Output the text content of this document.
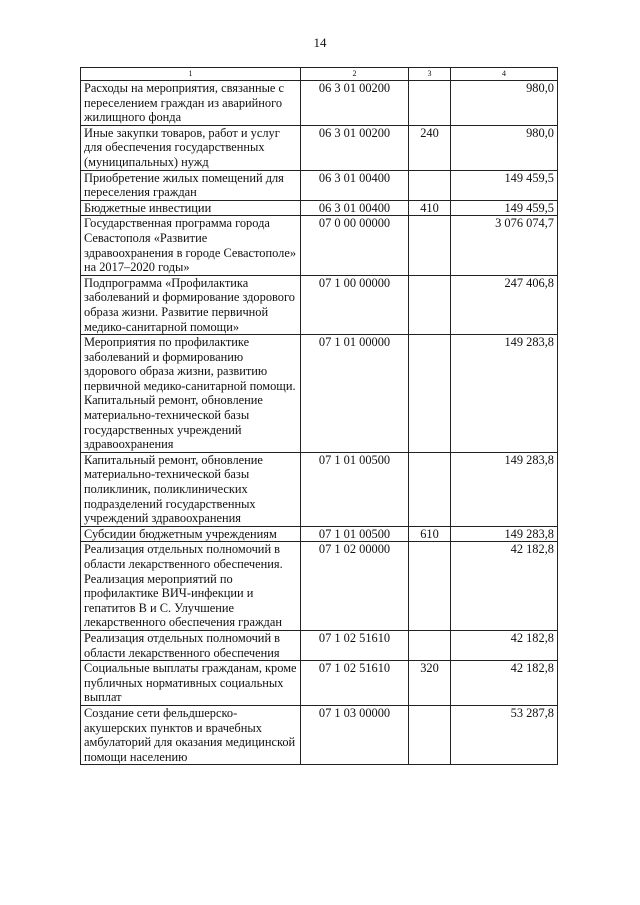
14
1	2	3	4
Расходы на мероприятия, связанные с переселением граждан из аварийного жилищного фонда	06 3 01 00200		980,0
Иные закупки товаров, работ и услуг для обеспечения государственных (муниципальных) нужд	06 3 01 00200	240	980,0
Приобретение жилых помещений для переселения граждан	06 3 01 00400		149 459,5
Бюджетные инвестиции	06 3 01 00400	410	149 459,5
Государственная программа города Севастополя «Развитие здравоохранения в городе Севастополе» на 2017–2020 годы»	07 0 00 00000		3 076 074,7
Подпрограмма «Профилактика заболеваний и формирование здорового образа жизни. Развитие первичной медико-санитарной помощи»	07 1 00 00000		247 406,8
Мероприятия по профилактике заболеваний и формированию здорового образа жизни, развитию первичной медико-санитарной помощи. Капитальный ремонт, обновление материально-технической базы государственных учреждений здравоохранения	07 1 01 00000		149 283,8
Капитальный ремонт, обновление материально-технической базы поликлиник, поликлинических подразделений государственных учреждений здравоохранения	07 1 01 00500		149 283,8
Субсидии бюджетным учреждениям	07 1 01 00500	610	149 283,8
Реализация отдельных полномочий в области лекарственного обеспечения. Реализация мероприятий по профилактике ВИЧ-инфекции и гепатитов В и С. Улучшение лекарственного обеспечения граждан	07 1 02 00000		42 182,8
Реализация отдельных полномочий в области лекарственного обеспечения	07 1 02 51610		42 182,8
Социальные выплаты гражданам, кроме публичных нормативных социальных выплат	07 1 02 51610	320	42 182,8
Создание сети фельдшерско-акушерских пунктов и врачебных амбулаторий для оказания медицинской помощи населению	07 1 03 00000		53 287,8
